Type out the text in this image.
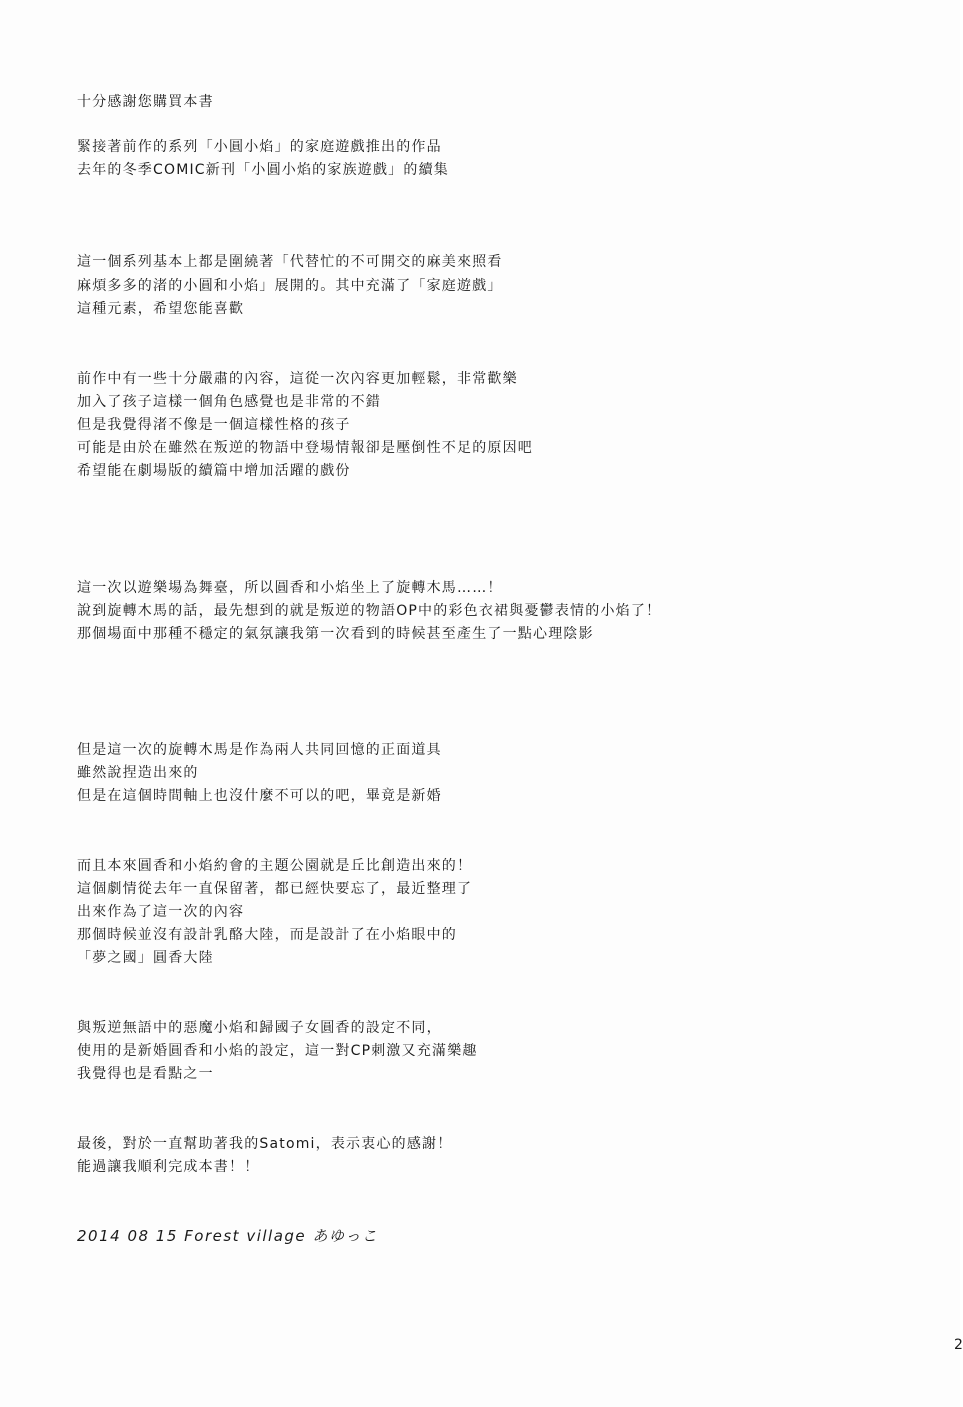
十分感謝您購買本書
緊接著前作的系列「小圓小焰」的家庭遊戲推出的作品
去年的冬季COMIC新刊「小圓小焰的家族遊戲」的續集
這一個系列基本上都是圍繞著「代替忙的不可開交的麻美來照看
麻煩多多的渚的小圓和小焰」展開的。其中充滿了「家庭遊戲」
這種元素，希望您能喜歡
前作中有一些十分嚴肅的內容，這從一次內容更加輕鬆，非常歡樂
加入了孩子這樣一個角色感覺也是非常的不錯
但是我覺得渚不像是一個這樣性格的孩子
可能是由於在雖然在叛逆的物語中登場情報卻是壓倒性不足的原因吧
希望能在劇場版的續篇中增加活躍的戲份
這一次以遊樂場為舞臺，所以圓香和小焰坐上了旋轉木馬……！
說到旋轉木馬的話，最先想到的就是叛逆的物語OP中的彩色衣裙與憂鬱表情的小焰了！
那個場面中那種不穩定的氣氛讓我第一次看到的時候甚至產生了一點心理陰影
但是這一次的旋轉木馬是作為兩人共同回憶的正面道具
雖然說捏造出來的
但是在這個時間軸上也沒什麼不可以的吧，畢竟是新婚
而且本來圓香和小焰約會的主題公園就是丘比創造出來的！
這個劇情從去年一直保留著，都已經快要忘了，最近整理了
出來作為了這一次的內容
那個時候並沒有設計乳酪大陸，而是設計了在小焰眼中的
「夢之國」圓香大陸
與叛逆無語中的惡魔小焰和歸國子女圓香的設定不同，
使用的是新婚圓香和小焰的設定，這一對CP刺激又充滿樂趣
我覺得也是看點之一
最後，對於一直幫助著我的Satomi，表示衷心的感謝！
能過讓我順利完成本書！！
2014 08 15 Forest village あゆっこ
2
